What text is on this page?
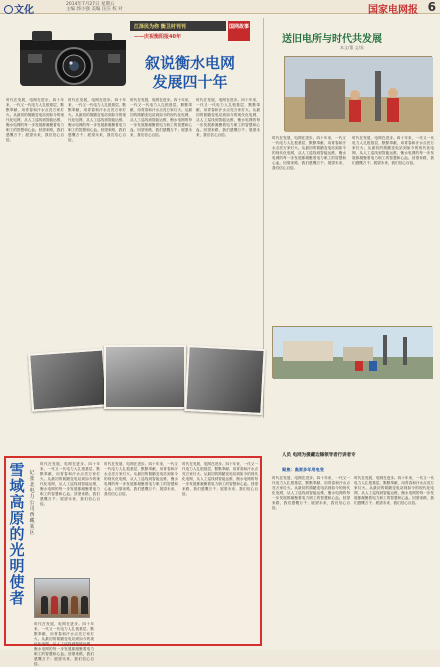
文化
2014年7月27日 星期五
主编 郭小强 美编 汪汪 校 对	国家电网报 6
江泽民为你 衡卫村刊刊
——庆祝衡阳报40年
国网故事
叙说衡水电网
发展四十年
时代在发展，电网在进步。四十年来，一代又一代电力人扎根基层，默默奉献，用青春和汗水点亮万家灯火。从最初的简陋变电站到如今的现代化电网，从人工巡线到智能运维，衡水电网的每一步发展都凝聚着电力职工的智慧和心血。回望来路，我们感慨万千；展望未来，我们信心百倍。
时代在发展，电网在进步。四十年来，一代又一代电力人扎根基层，默默奉献，用青春和汗水点亮万家灯火。从最初的简陋变电站到如今的现代化电网，从人工巡线到智能运维，衡水电网的每一步发展都凝聚着电力职工的智慧和心血。回望来路，我们感慨万千；展望未来，我们信心百倍。
时代在发展，电网在进步。四十年来，一代又一代电力人扎根基层，默默奉献，用青春和汗水点亮万家灯火。从最初的简陋变电站到如今的现代化电网，从人工巡线到智能运维，衡水电网的每一步发展都凝聚着电力职工的智慧和心血。回望来路，我们感慨万千；展望未来，我们信心百倍。
时代在发展，电网在进步。四十年来，一代又一代电力人扎根基层，默默奉献，用青春和汗水点亮万家灯火。从最初的简陋变电站到如今的现代化电网，从人工巡线到智能运维，衡水电网的每一步发展都凝聚着电力职工的智慧和心血。回望来路，我们感慨万千；展望未来，我们信心百倍。
送旧电所与时代共发展
本文/董 文/朱
时代在发展，电网在进步。四十年来，一代又一代电力人扎根基层，默默奉献，用青春和汗水点亮万家灯火。从最初的简陋变电站到如今的现代化电网，从人工巡线到智能运维，衡水电网的每一步发展都凝聚着电力职工的智慧和心血。回望来路，我们感慨万千；展望未来，我们信心百倍。
时代在发展，电网在进步。四十年来，一代又一代电力人扎根基层，默默奉献，用青春和汗水点亮万家灯火。从最初的简陋变电站到如今的现代化电网，从人工巡线到智能运维，衡水电网的每一步发展都凝聚着电力职工的智慧和心血。回望来路，我们感慨万千；展望未来，我们信心百倍。
雪域高原的光明使者
记张北电力公司西藏某区
时代在发展，电网在进步。四十年来，一代又一代电力人扎根基层，默默奉献，用青春和汗水点亮万家灯火。从最初的简陋变电站到如今的现代化电网，从人工巡线到智能运维，衡水电网的每一步发展都凝聚着电力职工的智慧和心血。回望来路，我们感慨万千；展望未来，我们信心百倍。
时代在发展，电网在进步。四十年来，一代又一代电力人扎根基层，默默奉献，用青春和汗水点亮万家灯火。从最初的简陋变电站到如今的现代化电网，从人工巡线到智能运维，衡水电网的每一步发展都凝聚着电力职工的智慧和心血。回望来路，我们感慨万千；展望未来，我们信心百倍。
时代在发展，电网在进步。四十年来，一代又一代电力人扎根基层，默默奉献，用青春和汗水点亮万家灯火。从最初的简陋变电站到如今的现代化电网，从人工巡线到智能运维，衡水电网的每一步发展都凝聚着电力职工的智慧和心血。回望来路，我们感慨万千；展望未来，我们信心百倍。
时代在发展，电网在进步。四十年来，一代又一代电力人扎根基层，默默奉献，用青春和汗水点亮万家灯火。从最初的简陋变电站到如今的现代化电网，从人工巡线到智能运维，衡水电网的每一步发展都凝聚着电力职工的智慧和心血。回望来路，我们感慨万千；展望未来，我们信心百倍。
人员 电网为援藏边陲领导者行讲者专
聚焦：高原多年用电变
时代在发展，电网在进步。四十年来，一代又一代电力人扎根基层，默默奉献，用青春和汗水点亮万家灯火。从最初的简陋变电站到如今的现代化电网，从人工巡线到智能运维，衡水电网的每一步发展都凝聚着电力职工的智慧和心血。回望来路，我们感慨万千；展望未来，我们信心百倍。
时代在发展，电网在进步。四十年来，一代又一代电力人扎根基层，默默奉献，用青春和汗水点亮万家灯火。从最初的简陋变电站到如今的现代化电网，从人工巡线到智能运维，衡水电网的每一步发展都凝聚着电力职工的智慧和心血。回望来路，我们感慨万千；展望未来，我们信心百倍。
